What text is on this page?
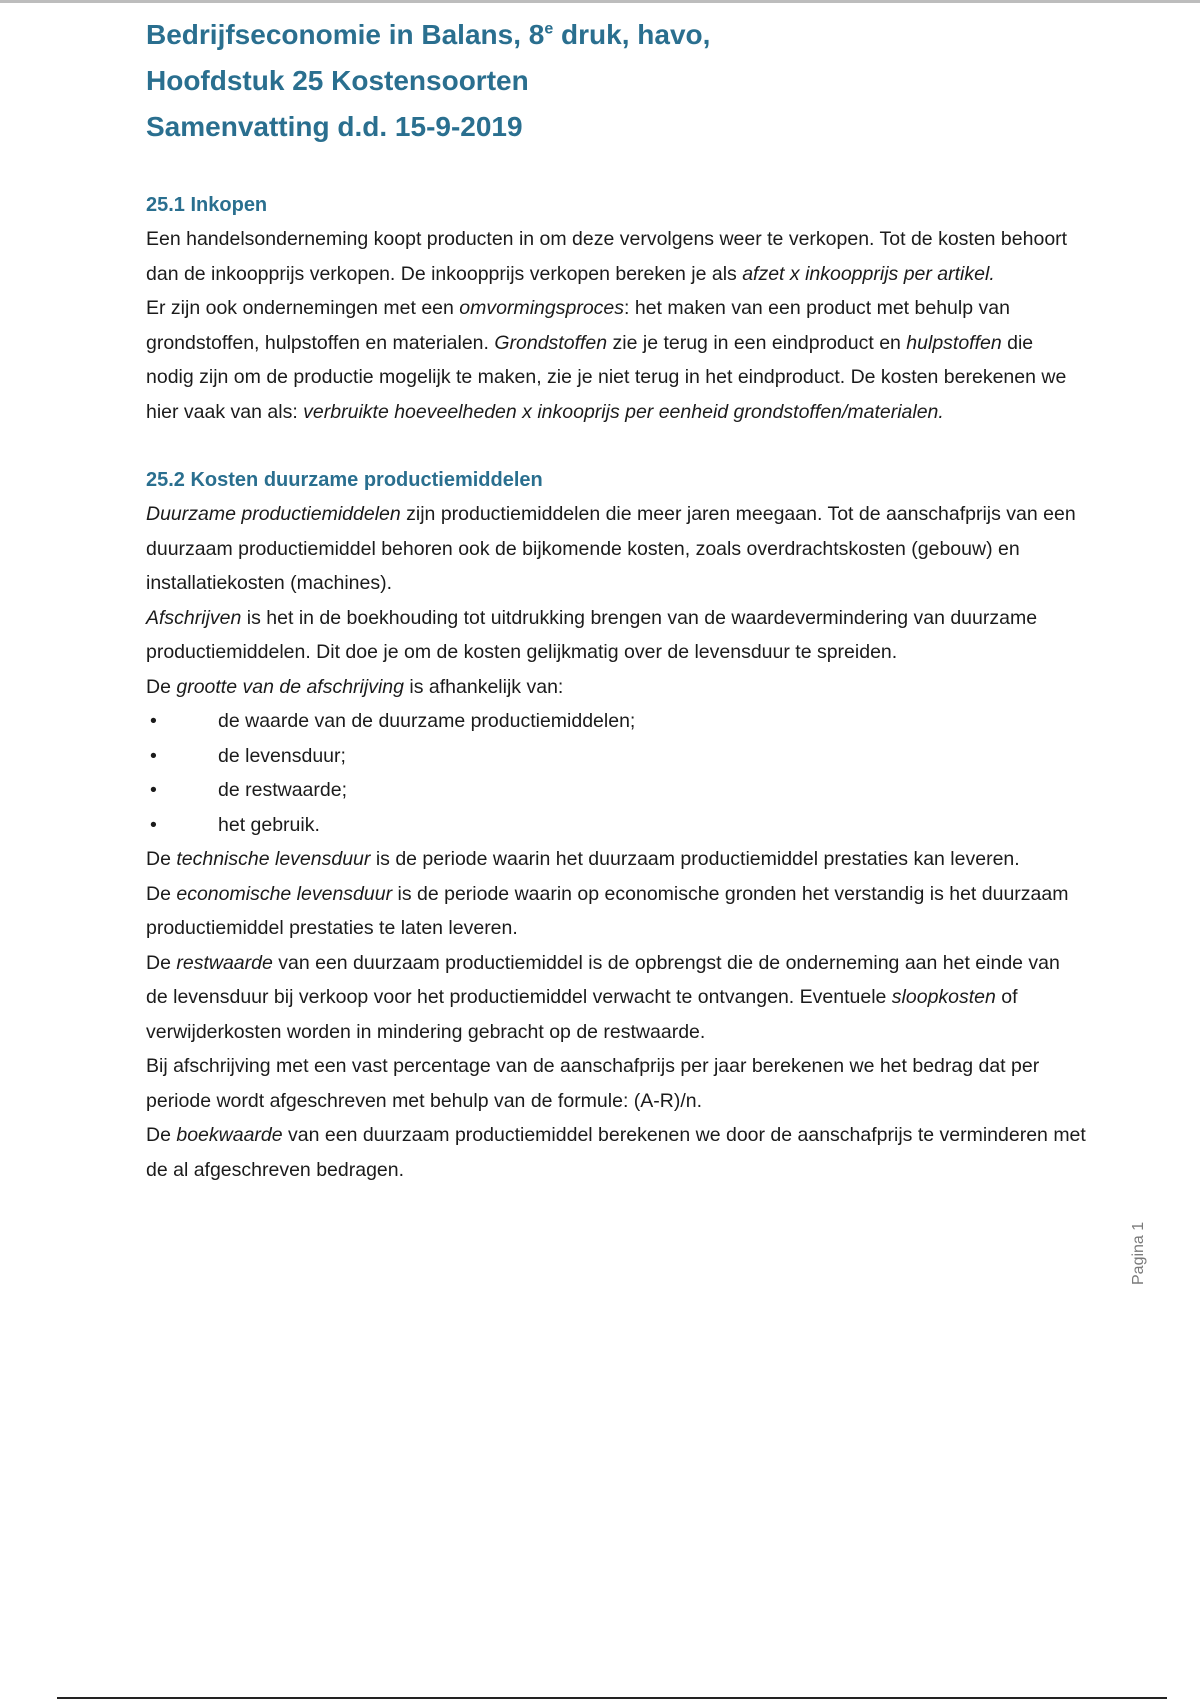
Bedrijfseconomie in Balans, 8e druk, havo,
Hoofdstuk 25 Kostensoorten
Samenvatting d.d. 15-9-2019
25.1 Inkopen

Een handelsonderneming koopt producten in om deze vervolgens weer te verkopen. Tot de kosten behoort dan de inkoopprijs verkopen. De inkoopprijs verkopen bereken je als afzet x inkoopprijs per artikel.

Er zijn ook ondernemingen met een omvormingsproces: het maken van een product met behulp van grondstoffen, hulpstoffen en materialen. Grondstoffen zie je terug in een eindproduct en hulpstoffen die nodig zijn om de productie mogelijk te maken, zie je niet terug in het eindproduct. De kosten berekenen we hier vaak van als: verbruikte hoeveelheden x inkooprijs per eenheid grondstoffen/materialen.

25.2 Kosten duurzame productiemiddelen

Duurzame productiemiddelen zijn productiemiddelen die meer jaren meegaan. Tot de aanschafprijs van een duurzaam productiemiddel behoren ook de bijkomende kosten, zoals overdrachtskosten (gebouw) en installatiekosten (machines).

Afschrijven is het in de boekhouding tot uitdrukking brengen van de waardevermindering van duurzame productiemiddelen. Dit doe je om de kosten gelijkmatig over de levensduur te spreiden.

De grootte van de afschrijving is afhankelijk van:

•	de waarde van de duurzame productiemiddelen;
•	de levensduur;
•	de restwaarde;
•	het gebruik.

De technische levensduur is de periode waarin het duurzaam productiemiddel prestaties kan leveren.

De economische levensduur is de periode waarin op economische gronden het verstandig is het duurzaam productiemiddel prestaties te laten leveren.

De restwaarde van een duurzaam productiemiddel is de opbrengst die de onderneming aan het einde van de levensduur bij verkoop voor het productiemiddel verwacht te ontvangen. Eventuele sloopkosten of verwijderkosten worden in mindering gebracht op de restwaarde.

Bij afschrijving met een vast percentage van de aanschafprijs per jaar berekenen we het bedrag dat per periode wordt afgeschreven met behulp van de formule: (A-R)/n.

De boekwaarde van een duurzaam productiemiddel berekenen we door de aanschafprijs te verminderen met de al afgeschreven bedragen.

Pagina 1
